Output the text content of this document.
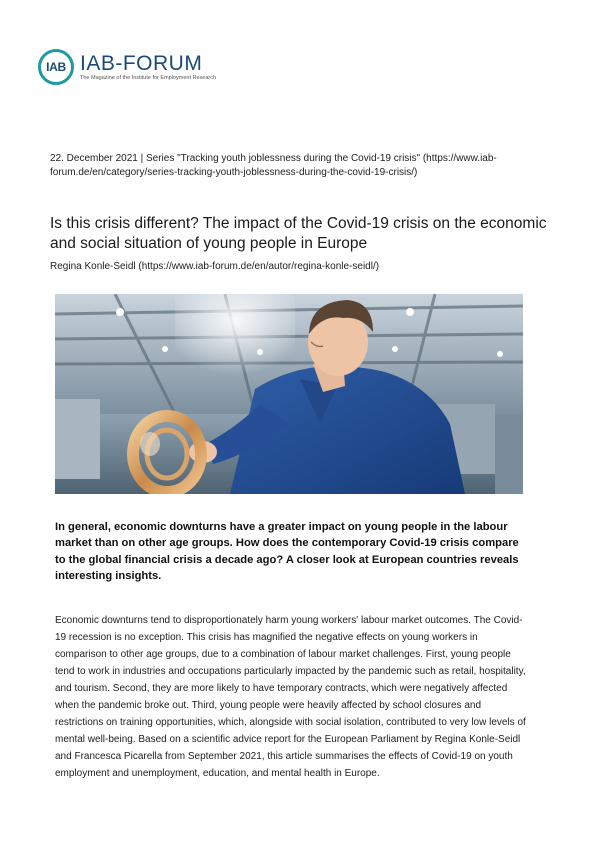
IAB IAB-FORUM
The Magazine of the Institute for Employment Research
22. December 2021 | Series "Tracking youth joblessness during the Covid-19 crisis" (https://www.iab-forum.de/en/category/series-tracking-youth-joblessness-during-the-covid-19-crisis/)
Is this crisis different? The impact of the Covid-19 crisis on the economic and social situation of young people in Europe
Regina Konle-Seidl (https://www.iab-forum.de/en/autor/regina-konle-seidl/)

In general, economic downturns have a greater impact on young people in the labour market than on other age groups. How does the contemporary Covid-19 crisis compare to the global financial crisis a decade ago? A closer look at European countries reveals interesting insights.

Economic downturns tend to disproportionately harm young workers' labour market outcomes. The Covid-19 recession is no exception. This crisis has magnified the negative effects on young workers in comparison to other age groups, due to a combination of labour market challenges. First, young people tend to work in industries and occupations particularly impacted by the pandemic such as retail, hospitality, and tourism. Second, they are more likely to have temporary contracts, which were negatively affected when the pandemic broke out. Third, young people were heavily affected by school closures and restrictions on training opportunities, which, alongside with social isolation, contributed to very low levels of mental well-being. Based on a scientific advice report for the European Parliament by Regina Konle-Seidl and Francesca Picarella from September 2021, this article summarises the effects of Covid-19 on youth employment and unemployment, education, and mental health in Europe.
